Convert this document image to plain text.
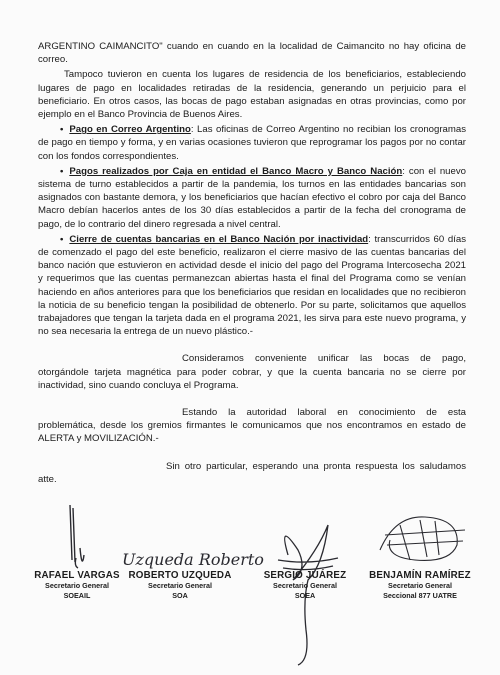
ARGENTINO CAIMANCITO" cuando en cuando en la localidad de Caimancito no hay oficina de correo.

Tampoco tuvieron en cuenta los lugares de residencia de los beneficiarios, estableciendo lugares de pago en localidades retiradas de la residencia, generando un perjuicio para el beneficiario. En otros casos, las bocas de pago estaban asignadas en otras provincias, como por ejemplo en el Banco Provincia de Buenos Aires.

• Pago en Correo Argentino: Las oficinas de Correo Argentino no recibian los cronogramas de pago en tiempo y forma, y en varias ocasiones tuvieron que reprogramar los pagos por no contar con los fondos correspondientes.

• Pagos realizados por Caja en entidad el Banco Macro y Banco Nación: con el nuevo sistema de turno establecidos a partir de la pandemia, los turnos en las entidades bancarias son asignados con bastante demora, y los beneficiarios que hacían efectivo el cobro por caja del Banco Macro debían hacerlos antes de los 30 días establecidos a partir de la fecha del cronograma de pago, de lo contrario del dinero regresada a nivel central.

• Cierre de cuentas bancarias en el Banco Nación por inactividad: transcurridos 60 días de comenzado el pago del este beneficio, realizaron el cierre masivo de las cuentas bancarias del banco nación que estuvieron en actividad desde el inicio del pago del Programa Intercosecha 2021 y requerimos que las cuentas permanezcan abiertas hasta el final del Programa como se venían haciendo en años anteriores para que los beneficiarios que residan en localidades que no recibieron la noticia de su beneficio tengan la posibilidad de obtenerlo. Por su parte, solicitamos que aquellos trabajadores que tengan la tarjeta dada en el programa 2021, les sirva para este nuevo programa, y no sea necesaria la entrega de un nuevo plástico.-

Consideramos conveniente unificar las bocas de pago, otorgándole tarjeta magnética para poder cobrar, y que la cuenta bancaria no se cierre por inactividad, sino cuando concluya el Programa.

Estando la autoridad laboral en conocimiento de esta problemática, desde los gremios firmantes le comunicamos que nos encontramos en estado de ALERTA y MOVILIZACIÓN.-

Sin otro particular, esperando una pronta respuesta los saludamos atte.

Uzqueda Roberto
RAFAEL VARGAS
Secretario General
SOEAIL
ROBERTO UZQUEDA
Secretario General
SOA
SERGIO JUÁREZ
Secretario General
SOEA
BENJAMÍN RAMÍREZ
Secretario General
Seccional 877 UATRE
